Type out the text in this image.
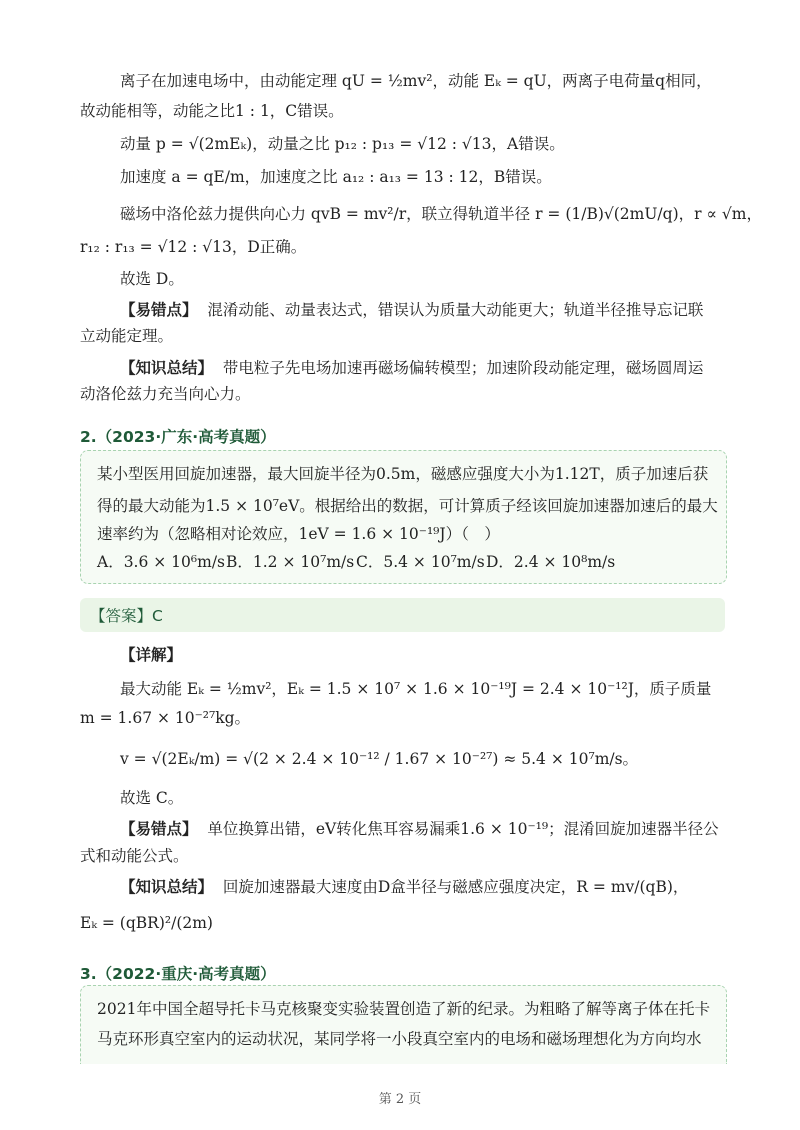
离子在加速电场中，由动能定理 qU = ½mv²，动能 Eₖ = qU，两离子电荷量q相同，
故动能相等，动能之比1 : 1，C错误。
动量 p = √(2mEₖ)，动量之比 p₁₂ : p₁₃ = √12 : √13，A错误。
加速度 a = qE/m，加速度之比 a₁₂ : a₁₃ = 13 : 12，B错误。
磁场中洛伦兹力提供向心力 qvB = mv²/r，联立得轨道半径 r = (1/B)√(2mU/q)，r ∝ √m，
r₁₂ : r₁₃ = √12 : √13，D正确。
故选 D。
【易错点】 混淆动能、动量表达式，错误认为质量大动能更大；轨道半径推导忘记联
立动能定理。
【知识总结】 带电粒子先电场加速再磁场偏转模型；加速阶段动能定理，磁场圆周运
动洛伦兹力充当向心力。
2.（2023·广东·高考真题）
某小型医用回旋加速器，最大回旋半径为0.5m，磁感应强度大小为1.12T，质子加速后获
得的最大动能为1.5 × 10⁷eV。根据给出的数据，可计算质子经该回旋加速器加速后的最大
速率约为（忽略相对论效应，1eV = 1.6 × 10⁻¹⁹J）（　）
A．3.6 × 10⁶m/s B．1.2 × 10⁷m/s C．5.4 × 10⁷m/s D．2.4 × 10⁸m/s
【答案】C
【详解】
最大动能 Eₖ = ½mv²，Eₖ = 1.5 × 10⁷ × 1.6 × 10⁻¹⁹J = 2.4 × 10⁻¹²J，质子质量
m = 1.67 × 10⁻²⁷kg。
v = √(2Eₖ/m) = √(2 × 2.4 × 10⁻¹² / 1.67 × 10⁻²⁷) ≈ 5.4 × 10⁷m/s。
故选 C。
【易错点】 单位换算出错，eV转化焦耳容易漏乘1.6 × 10⁻¹⁹；混淆回旋加速器半径公
式和动能公式。
【知识总结】 回旋加速器最大速度由D盒半径与磁感应强度决定，R = mv/(qB)，
Eₖ = (qBR)²/(2m)
3.（2022·重庆·高考真题）
2021年中国全超导托卡马克核聚变实验装置创造了新的纪录。为粗略了解等离子体在托卡
马克环形真空室内的运动状况，某同学将一小段真空室内的电场和磁场理想化为方向均水
第 2 页
